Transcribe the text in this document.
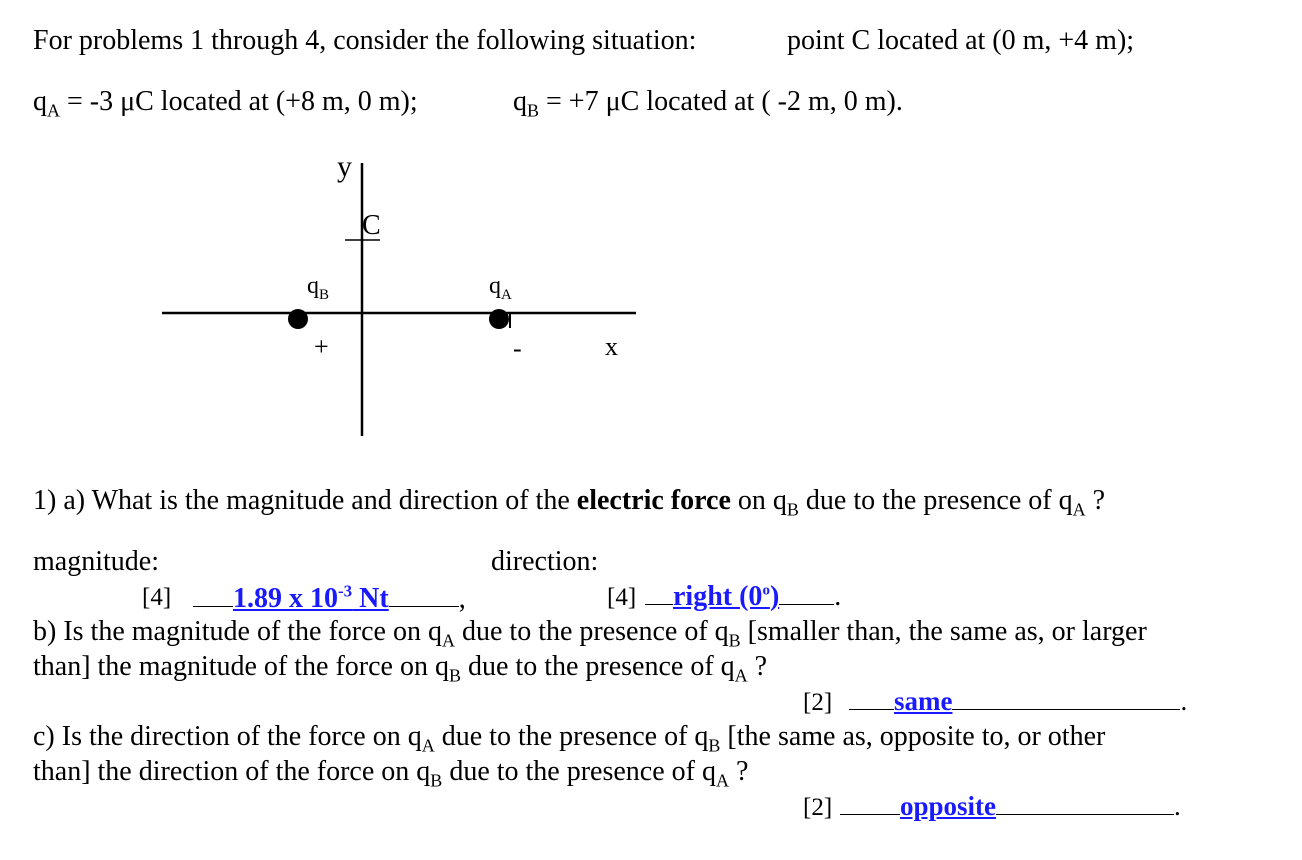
For problems 1 through 4, consider the following situation:	point C located at (0 m, +4 m);
$q_A = -3$ μC located at (+8 m, 0 m);	$q_B = +7$ μC located at ( -2 m, 0 m).
y
C
$q_B$	$q_A$
+	-	x
1) a) What is the magnitude and direction of the electric force on $q_B$ due to the presence of $q_A$ ?
magnitude:	direction:
[4]	1.89 x $10^{-3}$ Nt	,	[4]	right (0$^o$) .
b) Is the magnitude of the force on $q_A$ due to the presence of $q_B$ [smaller than, the same as, or larger
than] the magnitude of the force on $q_B$ due to the presence of $q_A$ ?
[2]	same	.
c) Is the direction of the force on $q_A$ due to the presence of $q_B$ [the same as, opposite to, or other
than] the direction of the force on $q_B$ due to the presence of $q_A$ ?
[2]	opposite	.
